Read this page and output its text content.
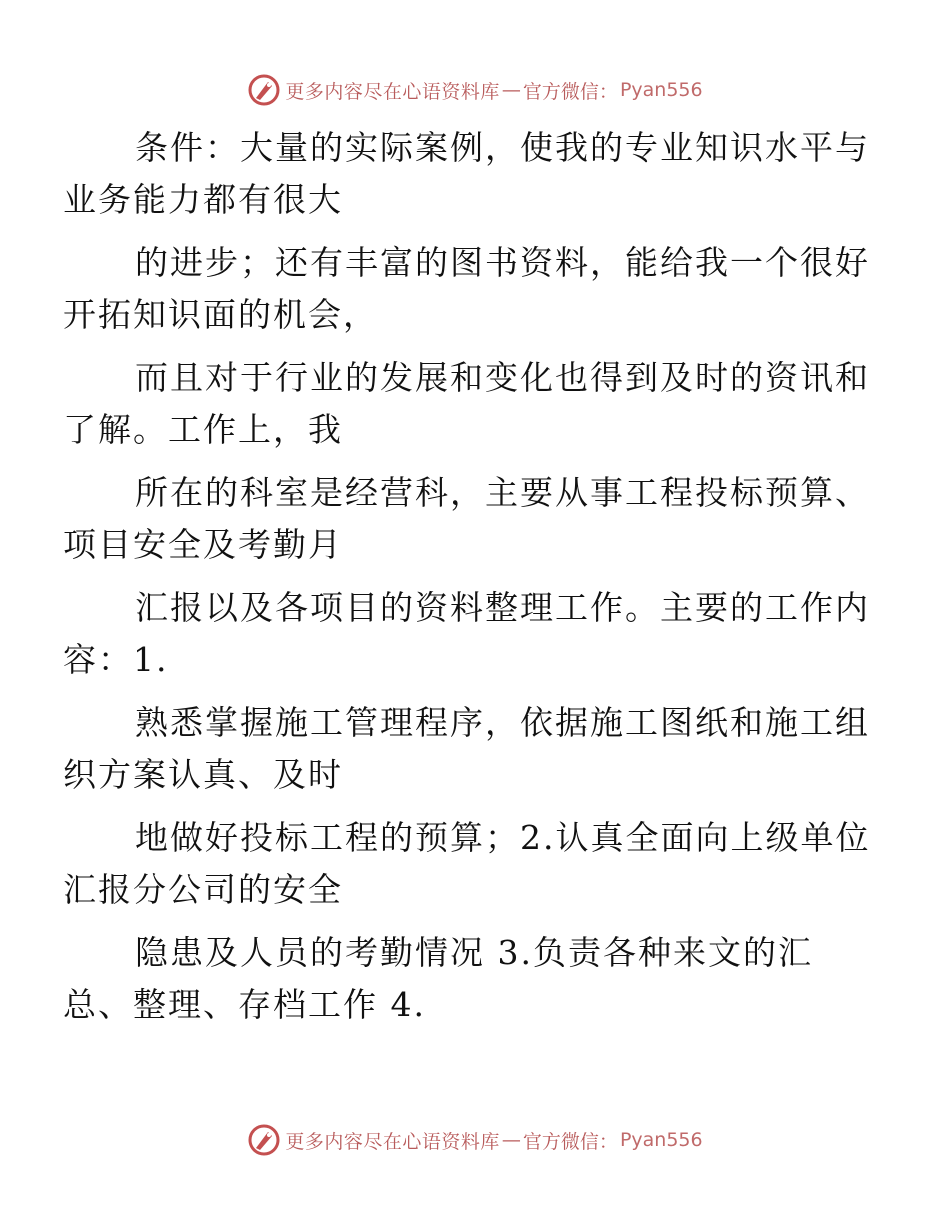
更多内容尽在心语资料库 — 官方微信： Pyan556

条件：大量的实际案例，使我的专业知识水平与
业务能力都有很大

的进步；还有丰富的图书资料，能给我一个很好
开拓知识面的机会，

而且对于行业的发展和变化也得到及时的资讯和
了解。工作上，我

所在的科室是经营科，主要从事工程投标预算、
项目安全及考勤月

汇报以及各项目的资料整理工作。主要的工作内
容：1.

熟悉掌握施工管理程序，依据施工图纸和施工组
织方案认真、及时

地做好投标工程的预算；2.认真全面向上级单位
汇报分公司的安全

隐患及人员的考勤情况 3.负责各种来文的汇
总、整理、存档工作 4.

更多内容尽在心语资料库 — 官方微信： Pyan556
